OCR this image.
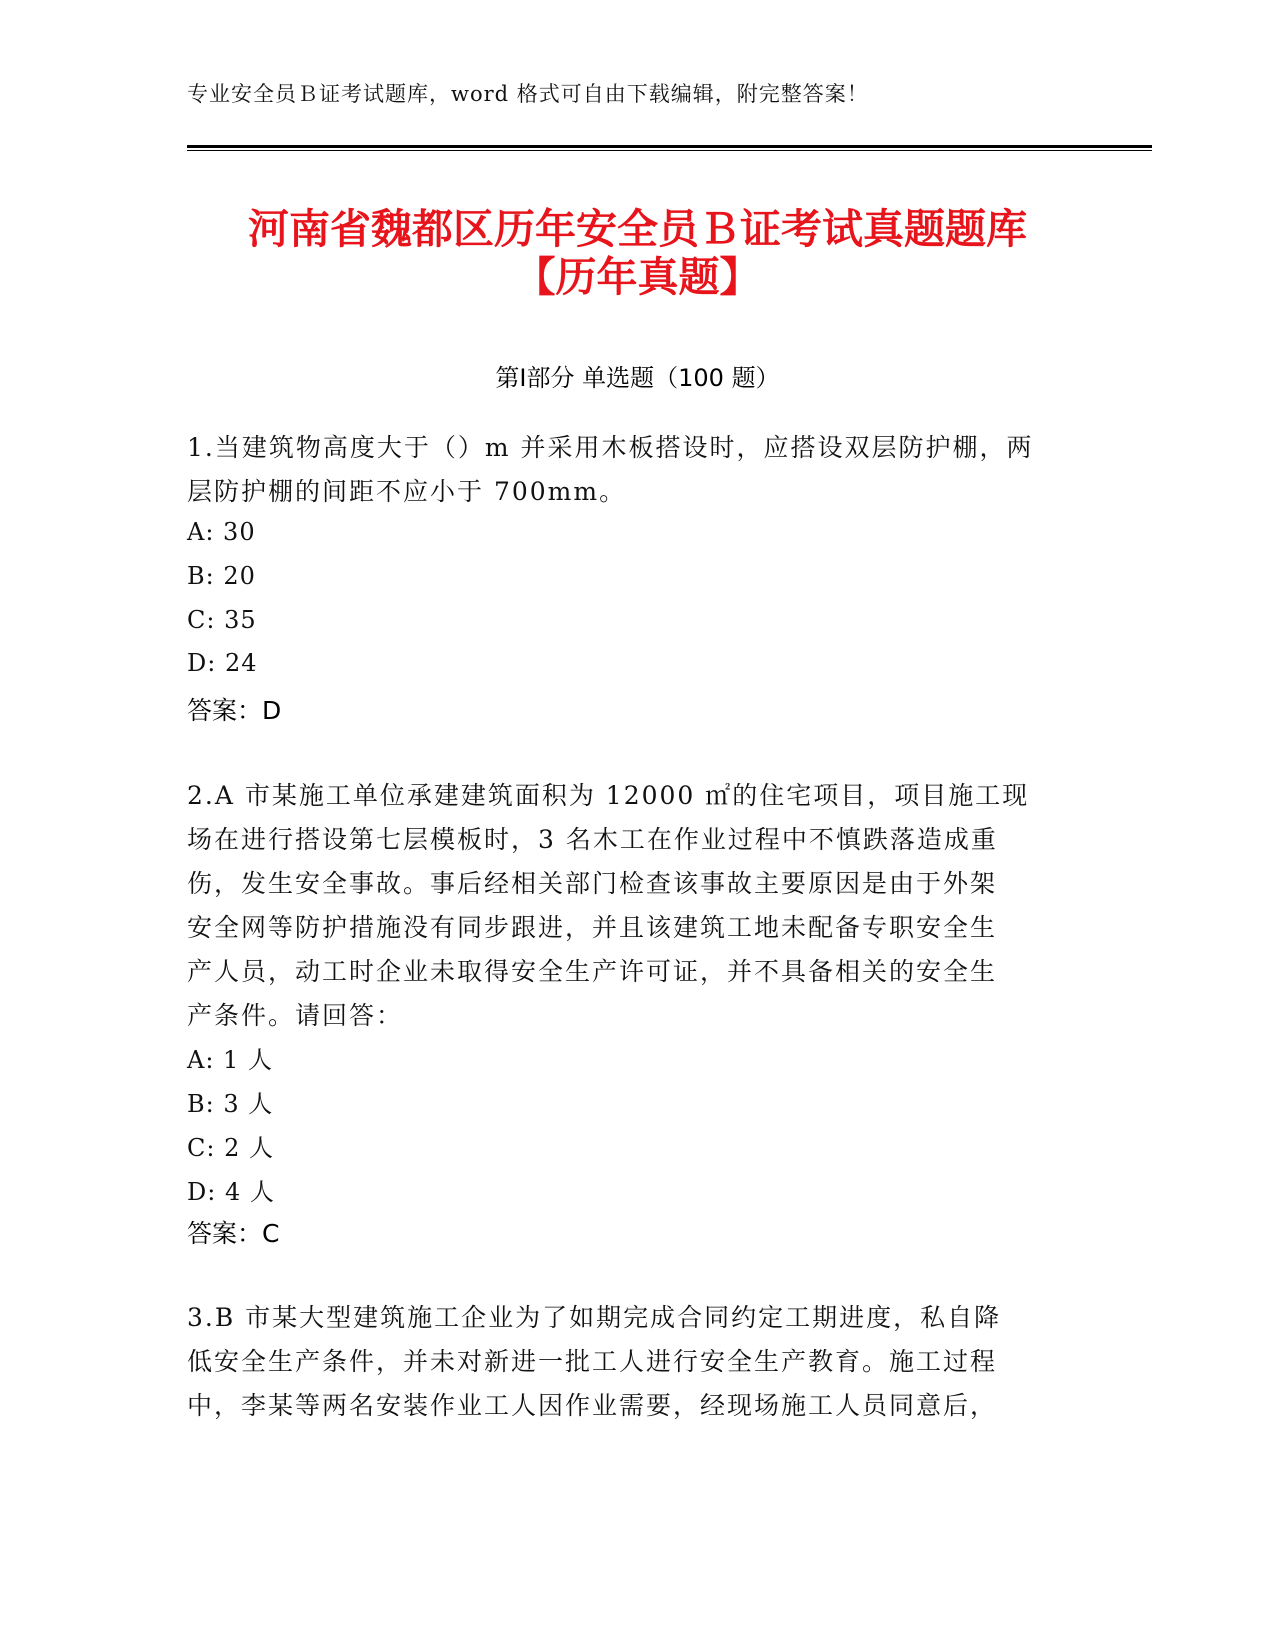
专业安全员Ｂ证考试题库，word 格式可自由下载编辑，附完整答案！
河南省魏都区历年安全员Ｂ证考试真题题库
【历年真题】
第Ⅰ部分 单选题（100 题）
1.当建筑物高度大于（）m 并采用木板搭设时，应搭设双层防护棚，两
层防护棚的间距不应小于 700mm。
A: 30
B: 20
C: 35
D: 24
答案：D
2.A 市某施工单位承建建筑面积为 12000 ㎡的住宅项目，项目施工现
场在进行搭设第七层模板时，3 名木工在作业过程中不慎跌落造成重
伤，发生安全事故。事后经相关部门检查该事故主要原因是由于外架
安全网等防护措施没有同步跟进，并且该建筑工地未配备专职安全生
产人员，动工时企业未取得安全生产许可证，并不具备相关的安全生
产条件。请回答：
A: 1 人
B: 3 人
C: 2 人
D: 4 人
答案：C
3.B 市某大型建筑施工企业为了如期完成合同约定工期进度，私自降
低安全生产条件，并未对新进一批工人进行安全生产教育。施工过程
中，李某等两名安装作业工人因作业需要，经现场施工人员同意后，
